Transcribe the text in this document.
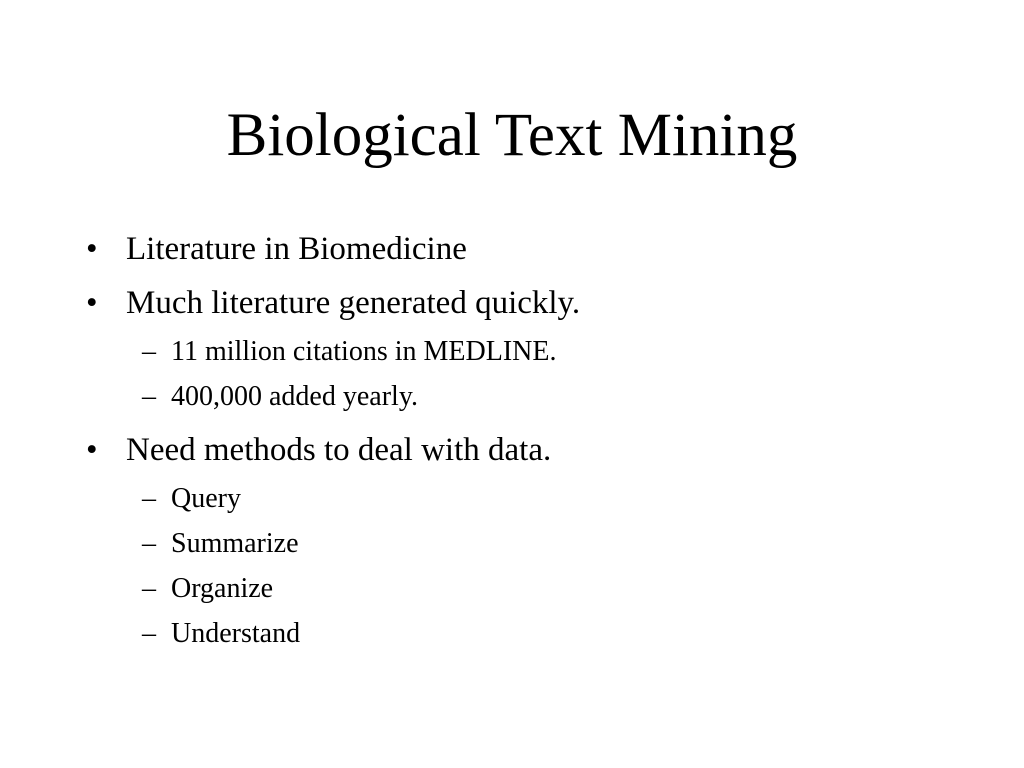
Biological Text Mining
• Literature in Biomedicine
• Much literature generated quickly.
– 11 million citations in MEDLINE.
– 400,000 added yearly.
• Need methods to deal with data.
– Query
– Summarize
– Organize
– Understand
